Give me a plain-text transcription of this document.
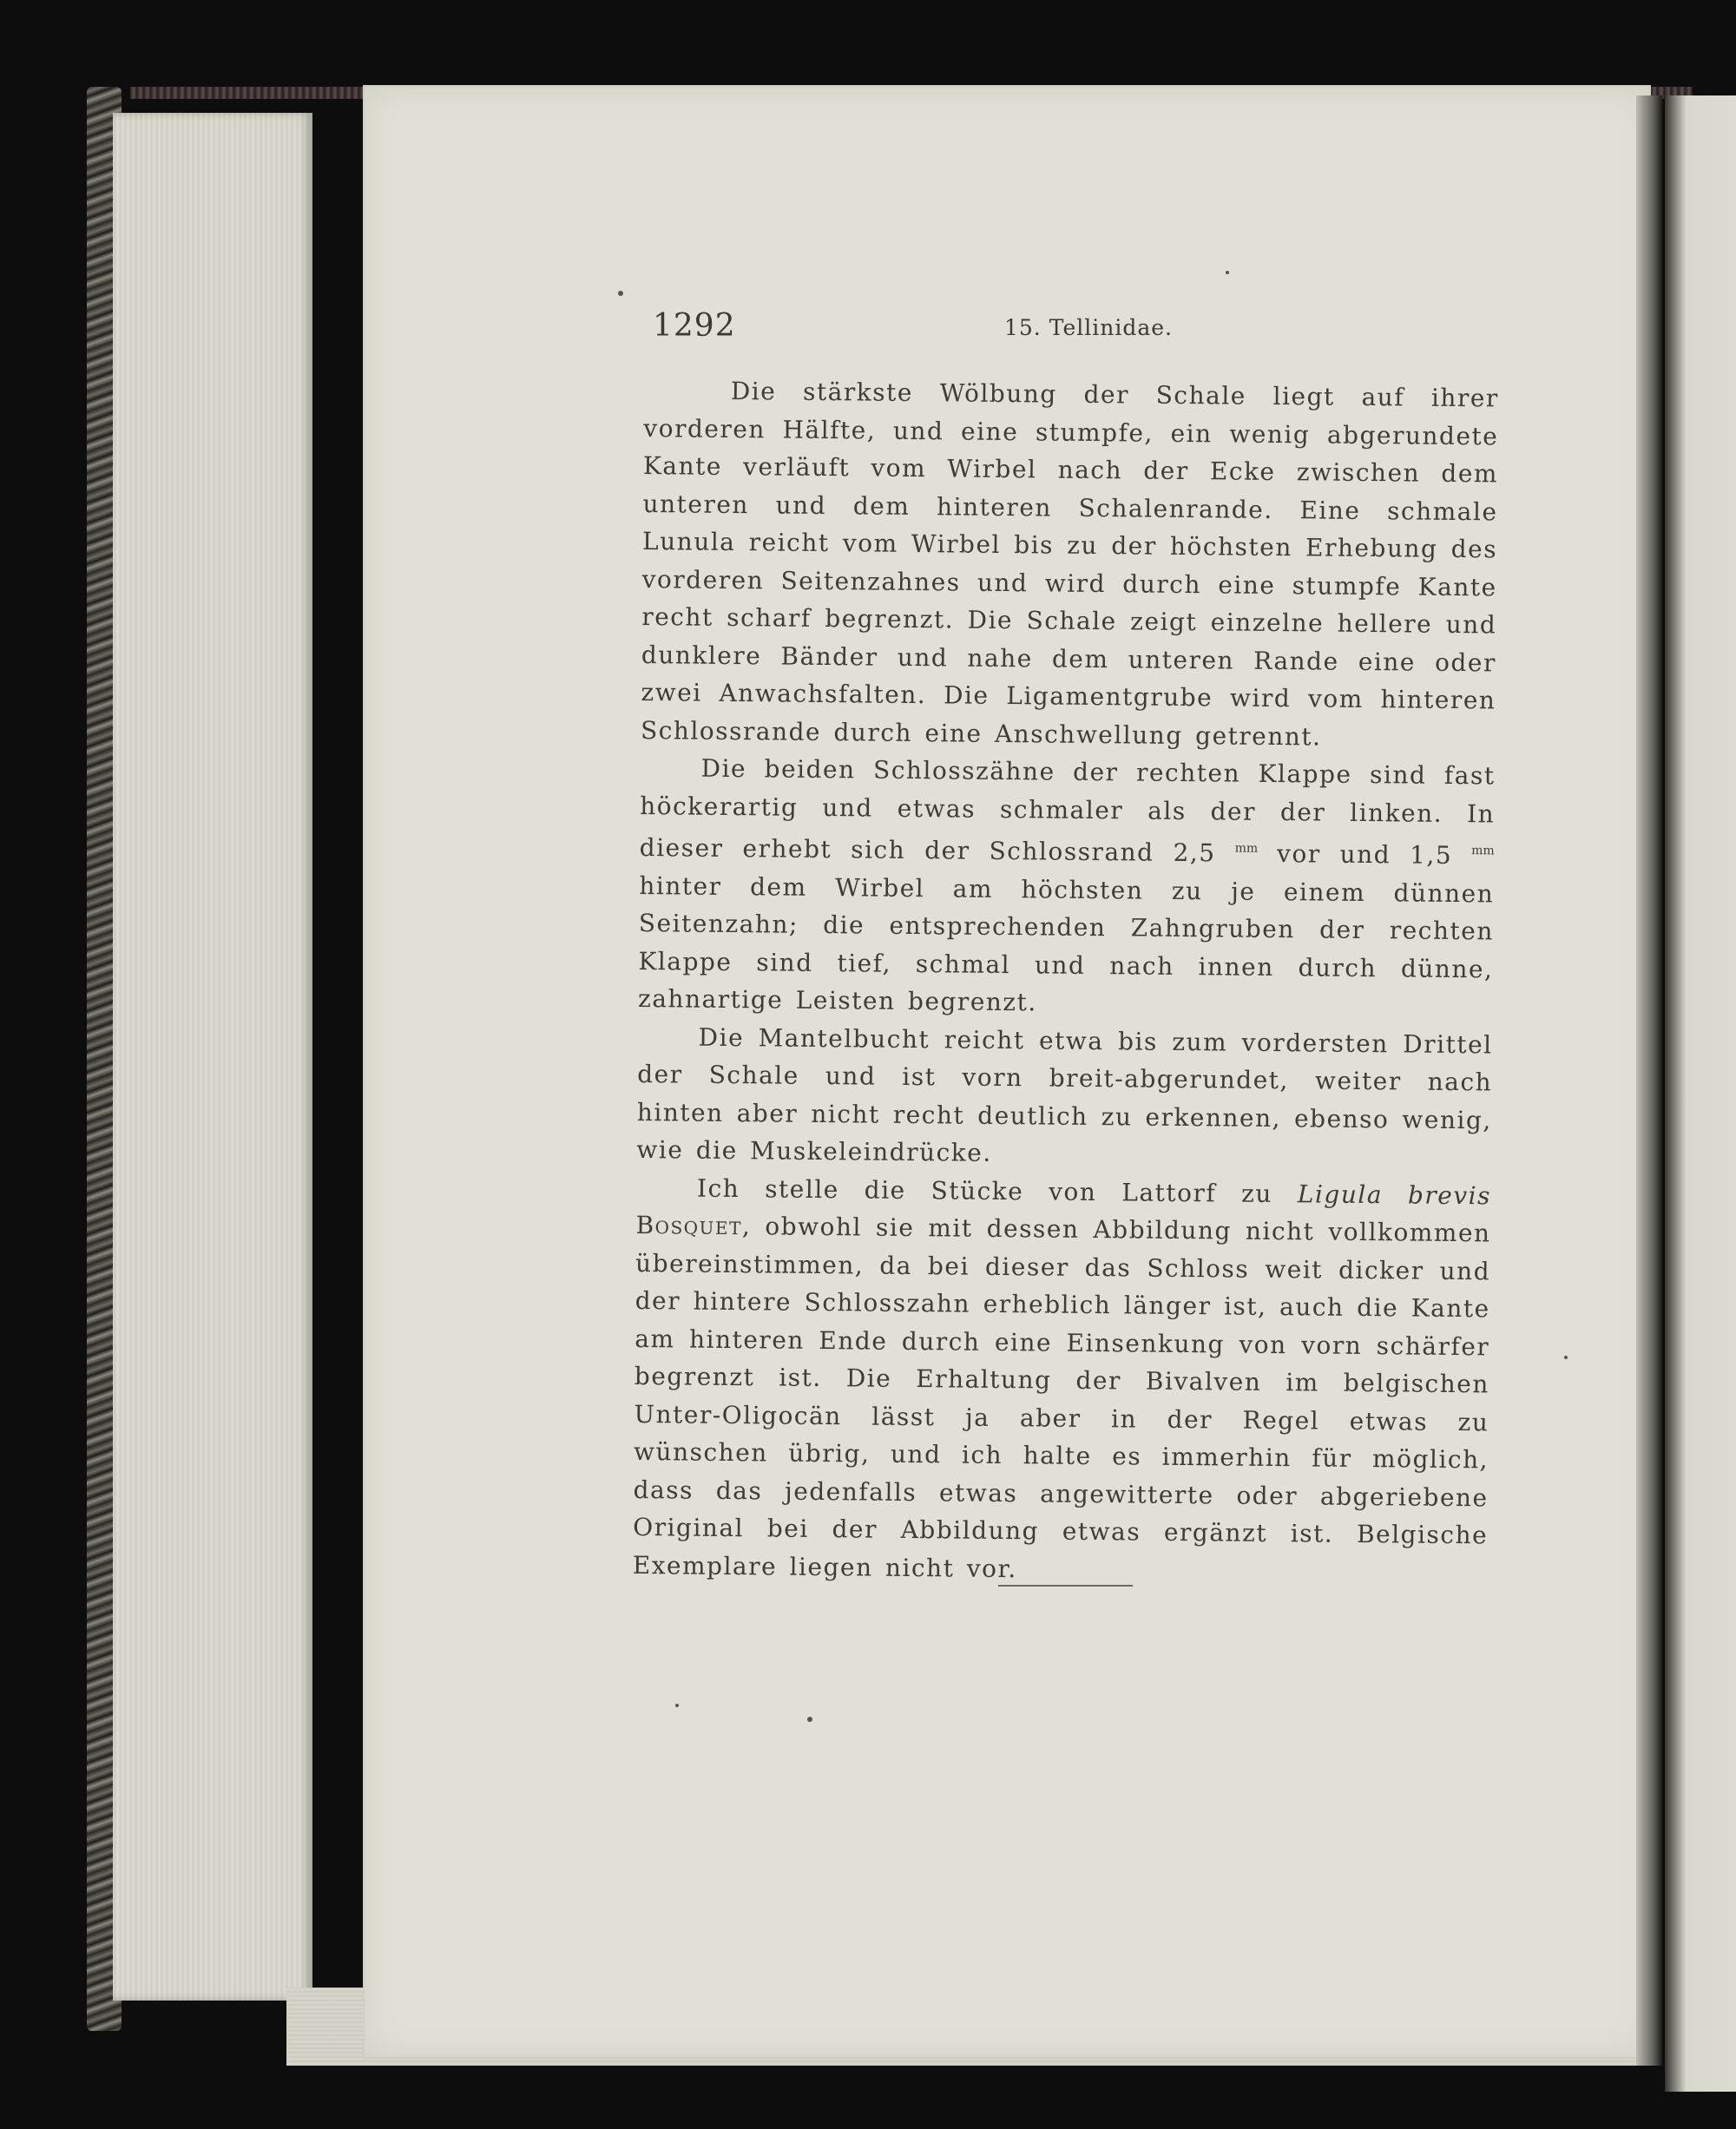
1292	15. Tellinidae.

Die stärkste Wölbung der Schale liegt auf ihrer vorderen Hälfte, und eine stumpfe, ein wenig abgerundete Kante verläuft vom Wirbel nach der Ecke zwischen dem unteren und dem hinteren Schalenrande. Eine schmale Lunula reicht vom Wirbel bis zu der höchsten Erhebung des vorderen Seitenzahnes und wird durch eine stumpfe Kante recht scharf begrenzt. Die Schale zeigt einzelne hellere und dunklere Bänder und nahe dem unteren Rande eine oder zwei Anwachsfalten. Die Ligamentgrube wird vom hinteren Schlossrande durch eine Anschwellung getrennt.

Die beiden Schlosszähne der rechten Klappe sind fast höckerartig und etwas schmaler als der der linken. In dieser erhebt sich der Schlossrand 2,5 $^{mm}$ vor und 1,5 $^{mm}$ hinter dem Wirbel am höchsten zu je einem dünnen Seitenzahn; die entsprechenden Zahngruben der rechten Klappe sind tief, schmal und nach innen durch dünne, zahnartige Leisten begrenzt.

Die Mantelbucht reicht etwa bis zum vordersten Drittel der Schale und ist vorn breit-abgerundet, weiter nach hinten aber nicht recht deutlich zu erkennen, ebenso wenig, wie die Muskeleindrücke.

Ich stelle die Stücke von Lattorf zu Ligula brevis Bosquet, obwohl sie mit dessen Abbildung nicht vollkommen übereinstimmen, da bei dieser das Schloss weit dicker und der hintere Schlosszahn erheblich länger ist, auch die Kante am hinteren Ende durch eine Einsenkung von vorn schärfer begrenzt ist. Die Erhaltung der Bivalven im belgischen Unter-Oligocän lässt ja aber in der Regel etwas zu wünschen übrig, und ich halte es immerhin für möglich, dass das jedenfalls etwas angewitterte oder abgeriebene Original bei der Abbildung etwas ergänzt ist. Belgische Exemplare liegen nicht vor.
